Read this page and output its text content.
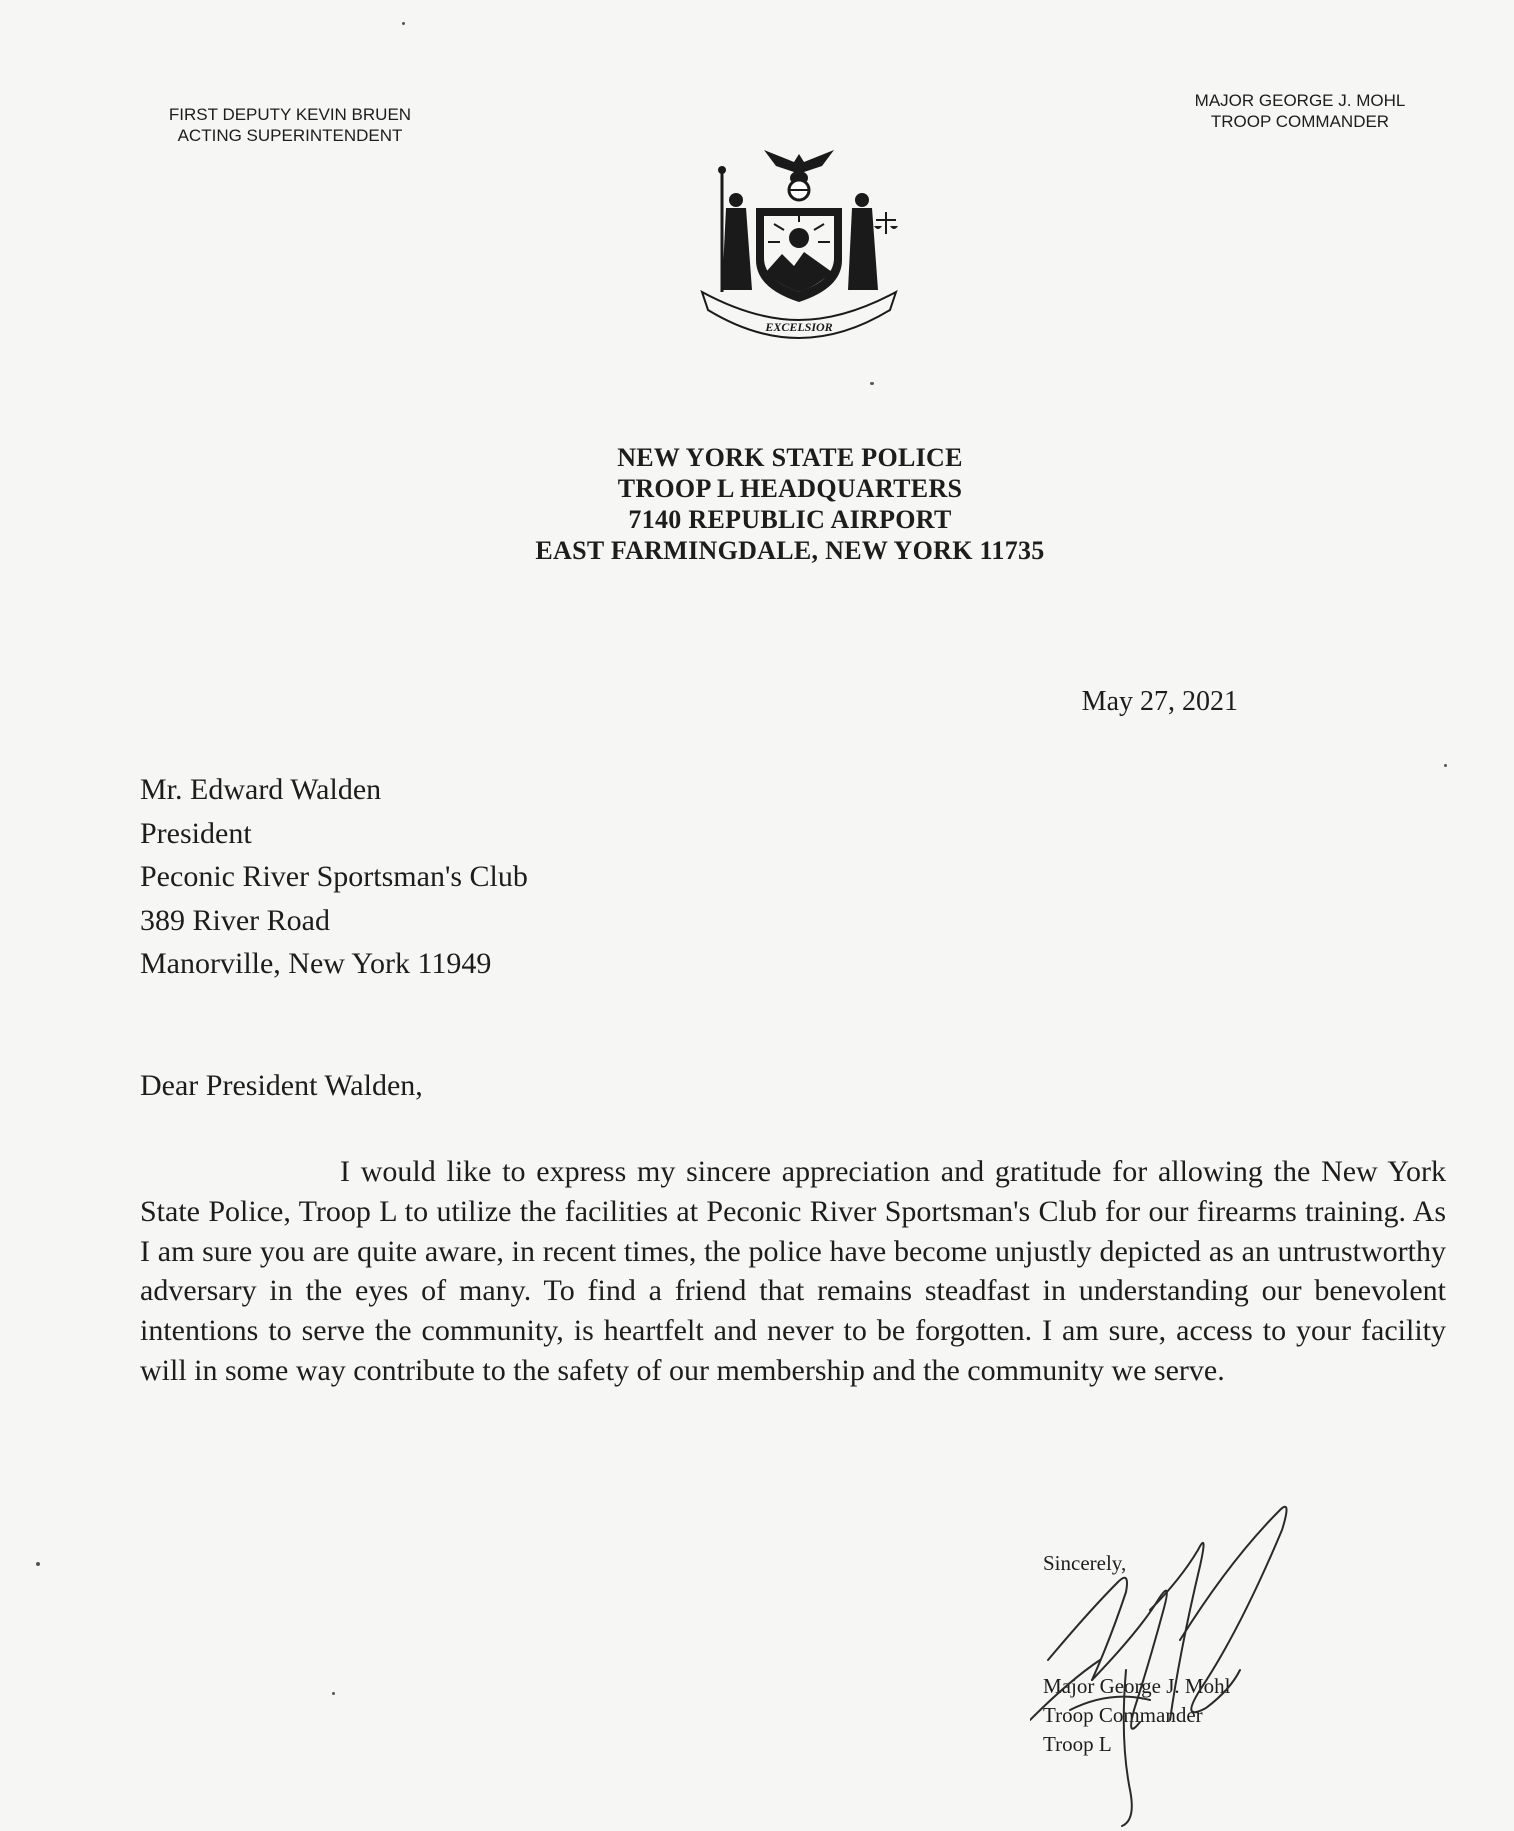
FIRST DEPUTY KEVIN BRUEN
ACTING SUPERINTENDENT
MAJOR GEORGE J. MOHL
TROOP COMMANDER
EXCELSIOR
NEW YORK STATE POLICE
TROOP L HEADQUARTERS
7140 REPUBLIC AIRPORT
EAST FARMINGDALE, NEW YORK 11735
May 27, 2021
Mr. Edward Walden
President
Peconic River Sportsman's Club
389 River Road
Manorville, New York 11949
Dear President Walden,
I would like to express my sincere appreciation and gratitude for allowing the New York State Police, Troop L to utilize the facilities at Peconic River Sportsman's Club for our firearms training. As I am sure you are quite aware, in recent times, the police have become unjustly depicted as an untrustworthy adversary in the eyes of many. To find a friend that remains steadfast in understanding our benevolent intentions to serve the community, is heartfelt and never to be forgotten. I am sure, access to your facility will in some way contribute to the safety of our membership and the community we serve.
Sincerely,
Major George J. Mohl
Troop Commander
Troop L
